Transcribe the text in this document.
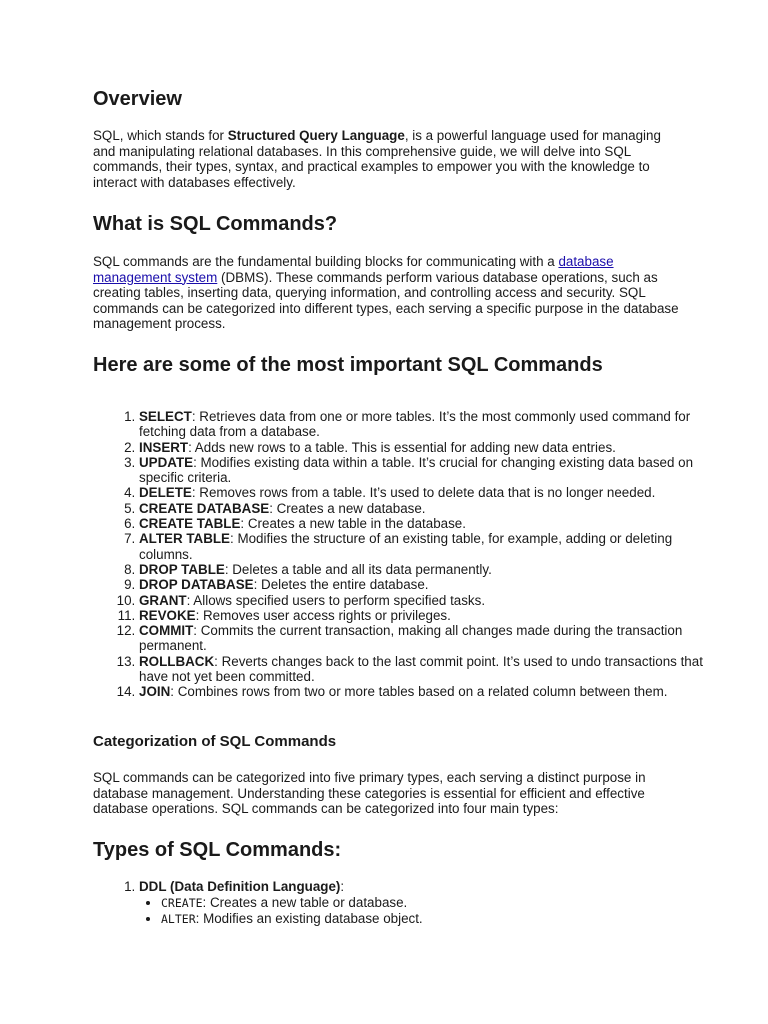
Overview

SQL, which stands for Structured Query Language, is a powerful language used for managing and manipulating relational databases. In this comprehensive guide, we will delve into SQL commands, their types, syntax, and practical examples to empower you with the knowledge to interact with databases effectively.

What is SQL Commands?

SQL commands are the fundamental building blocks for communicating with a database management system (DBMS). These commands perform various database operations, such as creating tables, inserting data, querying information, and controlling access and security. SQL commands can be categorized into different types, each serving a specific purpose in the database management process.

Here are some of the most important SQL Commands
1. SELECT: Retrieves data from one or more tables. It’s the most commonly used command for fetching data from a database.
2. INSERT: Adds new rows to a table. This is essential for adding new data entries.
3. UPDATE: Modifies existing data within a table. It’s crucial for changing existing data based on specific criteria.
4. DELETE: Removes rows from a table. It’s used to delete data that is no longer needed.
5. CREATE DATABASE: Creates a new database.
6. CREATE TABLE: Creates a new table in the database.
7. ALTER TABLE: Modifies the structure of an existing table, for example, adding or deleting columns.
8. DROP TABLE: Deletes a table and all its data permanently.
9. DROP DATABASE: Deletes the entire database.
10. GRANT: Allows specified users to perform specified tasks.
11. REVOKE: Removes user access rights or privileges.
12. COMMIT: Commits the current transaction, making all changes made during the transaction permanent.
13. ROLLBACK: Reverts changes back to the last commit point. It’s used to undo transactions that have not yet been committed.
14. JOIN: Combines rows from two or more tables based on a related column between them.
Categorization of SQL Commands

SQL commands can be categorized into five primary types, each serving a distinct purpose in database management. Understanding these categories is essential for efficient and effective database operations. SQL commands can be categorized into four main types:

Types of SQL Commands:
1. DDL (Data Definition Language):
• CREATE: Creates a new table or database.
• ALTER: Modifies an existing database object.
